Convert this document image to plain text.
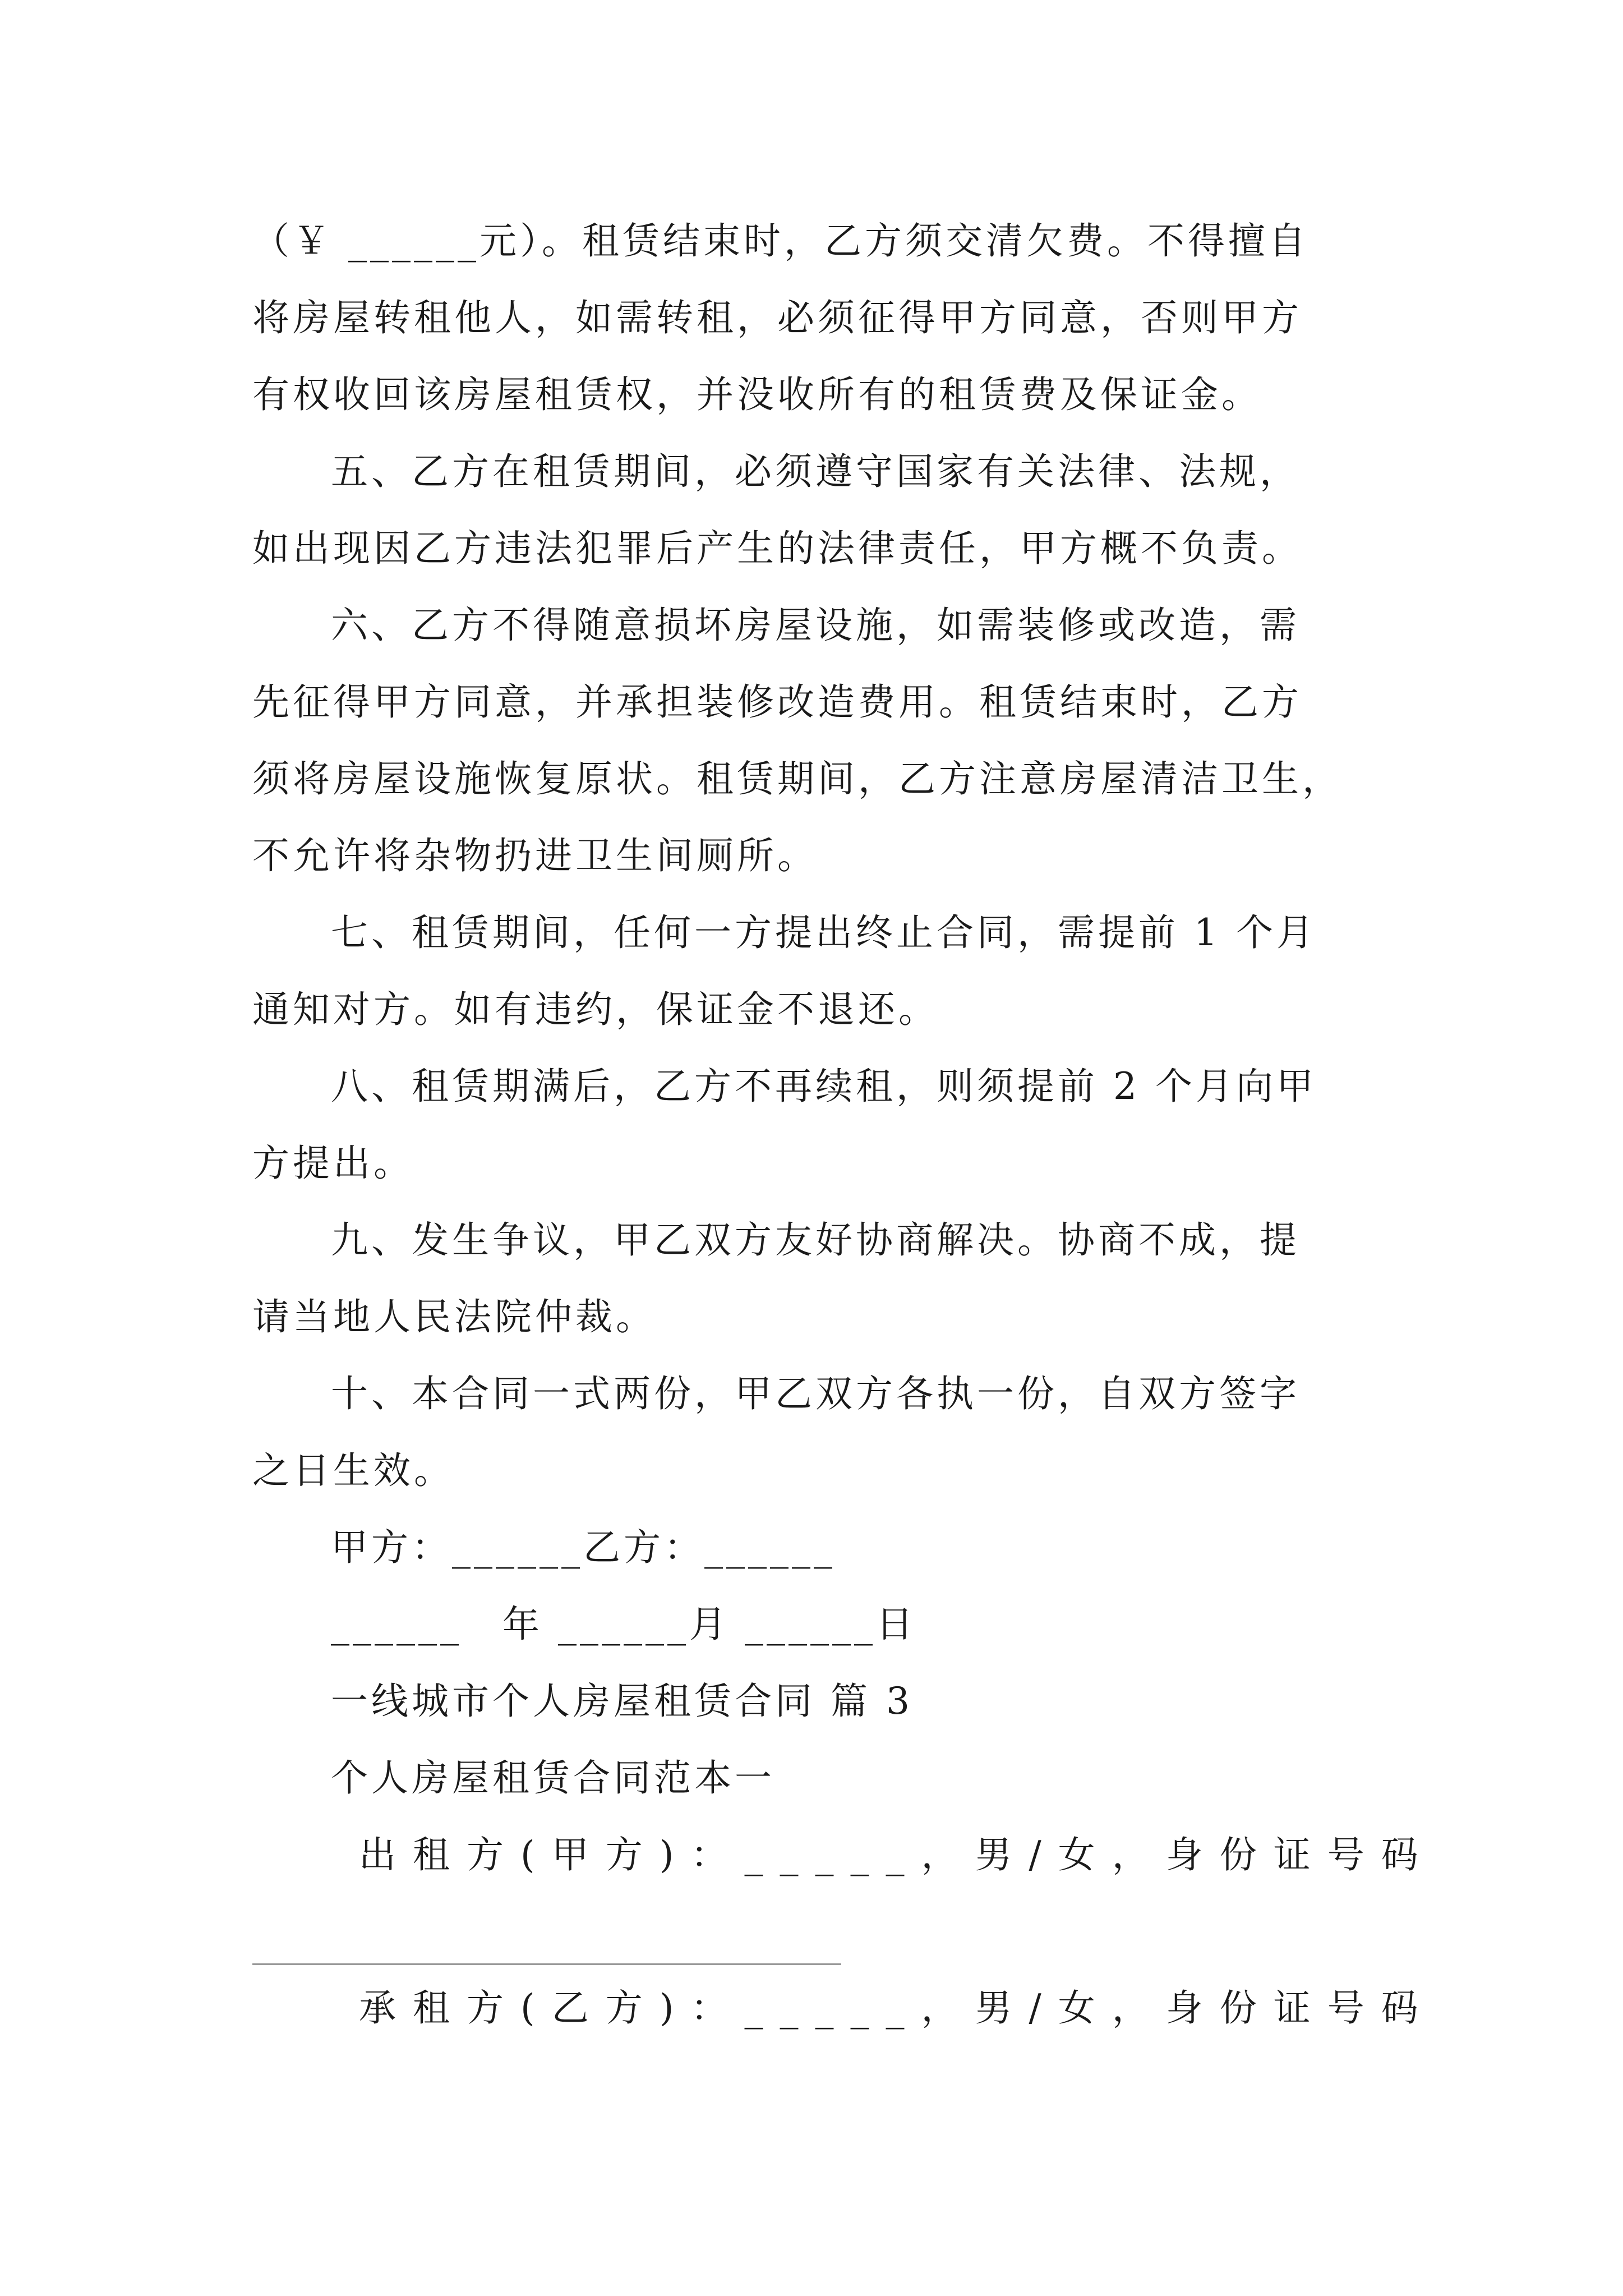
（￥ ______元）。租赁结束时，乙方须交清欠费。不得擅自
将房屋转租他人，如需转租，必须征得甲方同意，否则甲方
有权收回该房屋租赁权，并没收所有的租赁费及保证金。
五、乙方在租赁期间，必须遵守国家有关法律、法规，
如出现因乙方违法犯罪后产生的法律责任，甲方概不负责。
六、乙方不得随意损坏房屋设施，如需装修或改造，需
先征得甲方同意，并承担装修改造费用。租赁结束时，乙方
须将房屋设施恢复原状。租赁期间，乙方注意房屋清洁卫生，
不允许将杂物扔进卫生间厕所。
七、租赁期间，任何一方提出终止合同，需提前 1 个月
通知对方。如有违约，保证金不退还。
八、租赁期满后，乙方不再续租，则须提前 2 个月向甲
方提出。
九、发生争议，甲乙双方友好协商解决。协商不成，提
请当地人民法院仲裁。
十、本合同一式两份，甲乙双方各执一份，自双方签字
之日生效。
甲方：______乙方：______
______　年 ______月 ______日
一线城市个人房屋租赁合同 篇 3
个人房屋租赁合同范本一
出租方(甲方)：_____，男/女，身份证号码
承租方(乙方)：_____，男/女，身份证号码
